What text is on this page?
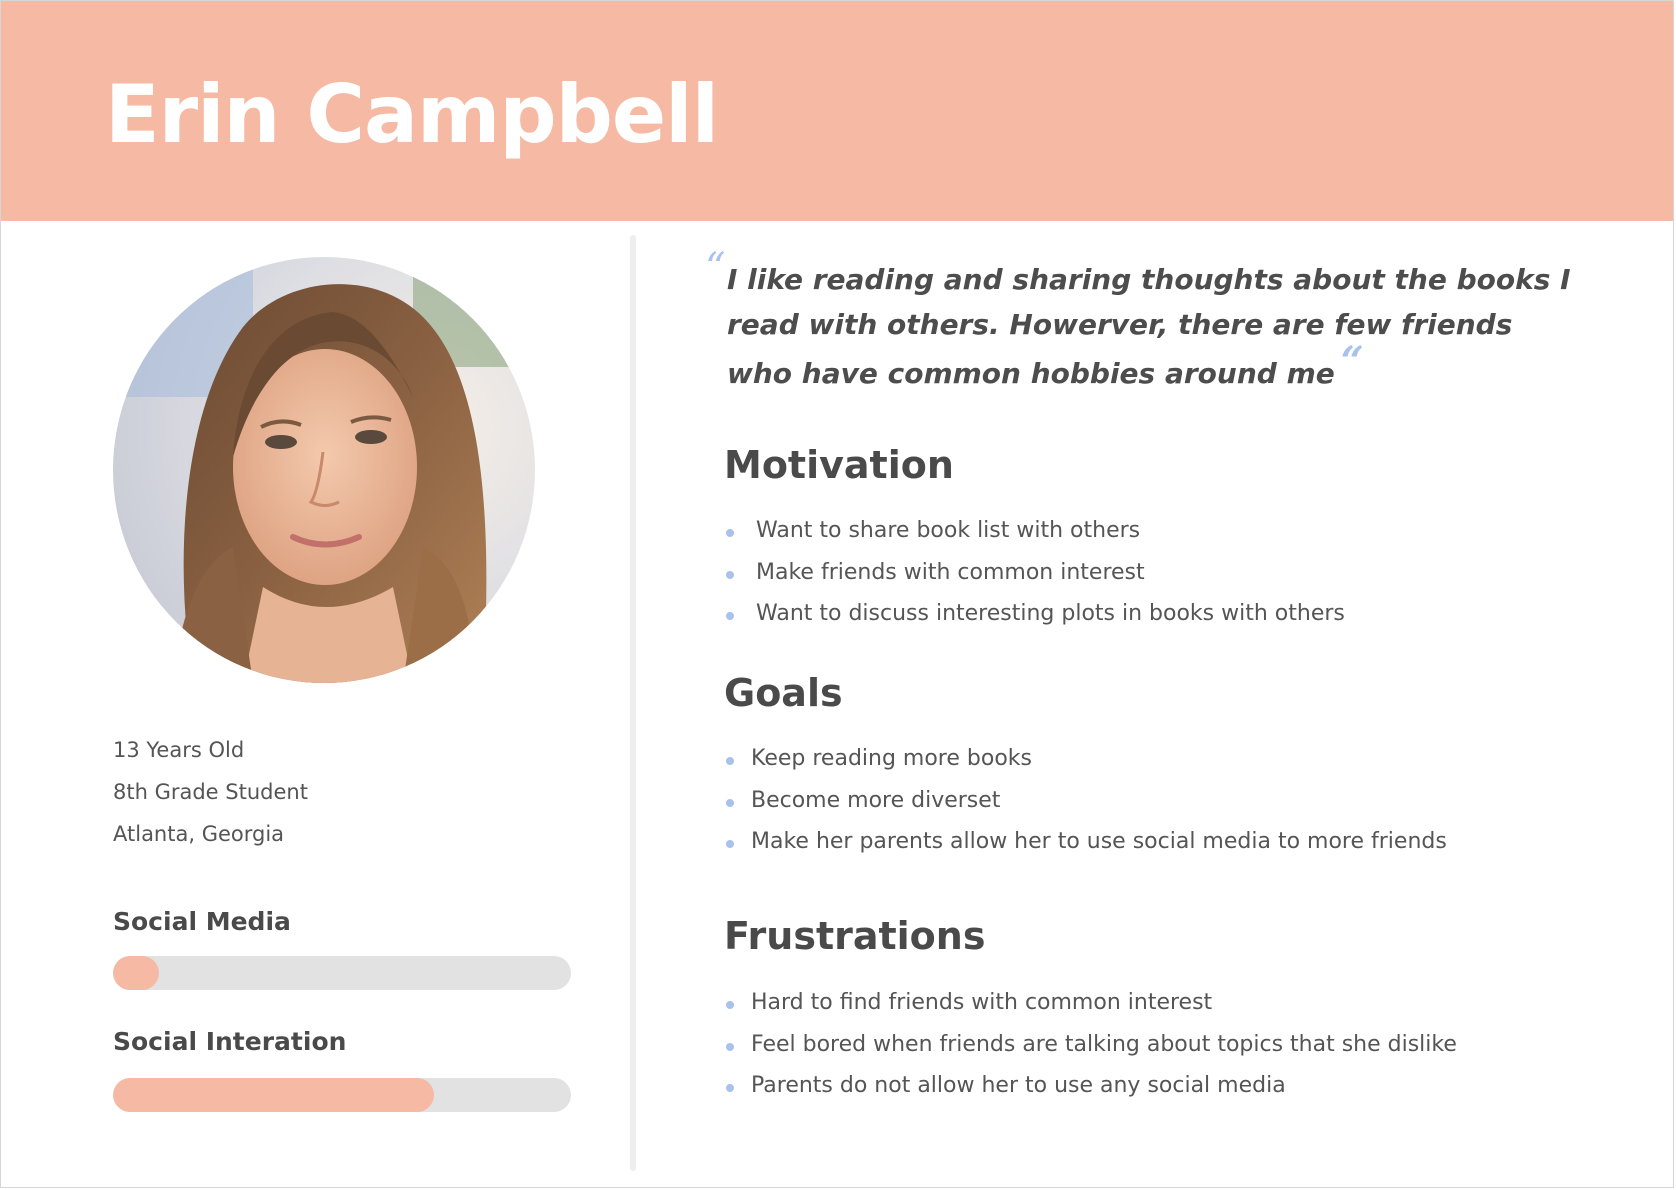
Erin Campbell
13 Years Old
8th Grade Student
Atlanta, Georgia
Social Media
Social Interation
“ I like reading and sharing thoughts about the books I read with others. Howerver, there are few friends who have common hobbies around me “
Motivation
Want to share book list with others
Make friends with common interest
Want to discuss interesting plots in books with others
Goals
Keep reading more books
Become more diverset
Make her parents allow her to use social media to more friends
Frustrations
Hard to find friends with common interest
Feel bored when friends are talking about topics that she dislike
Parents do not allow her to use any social media
